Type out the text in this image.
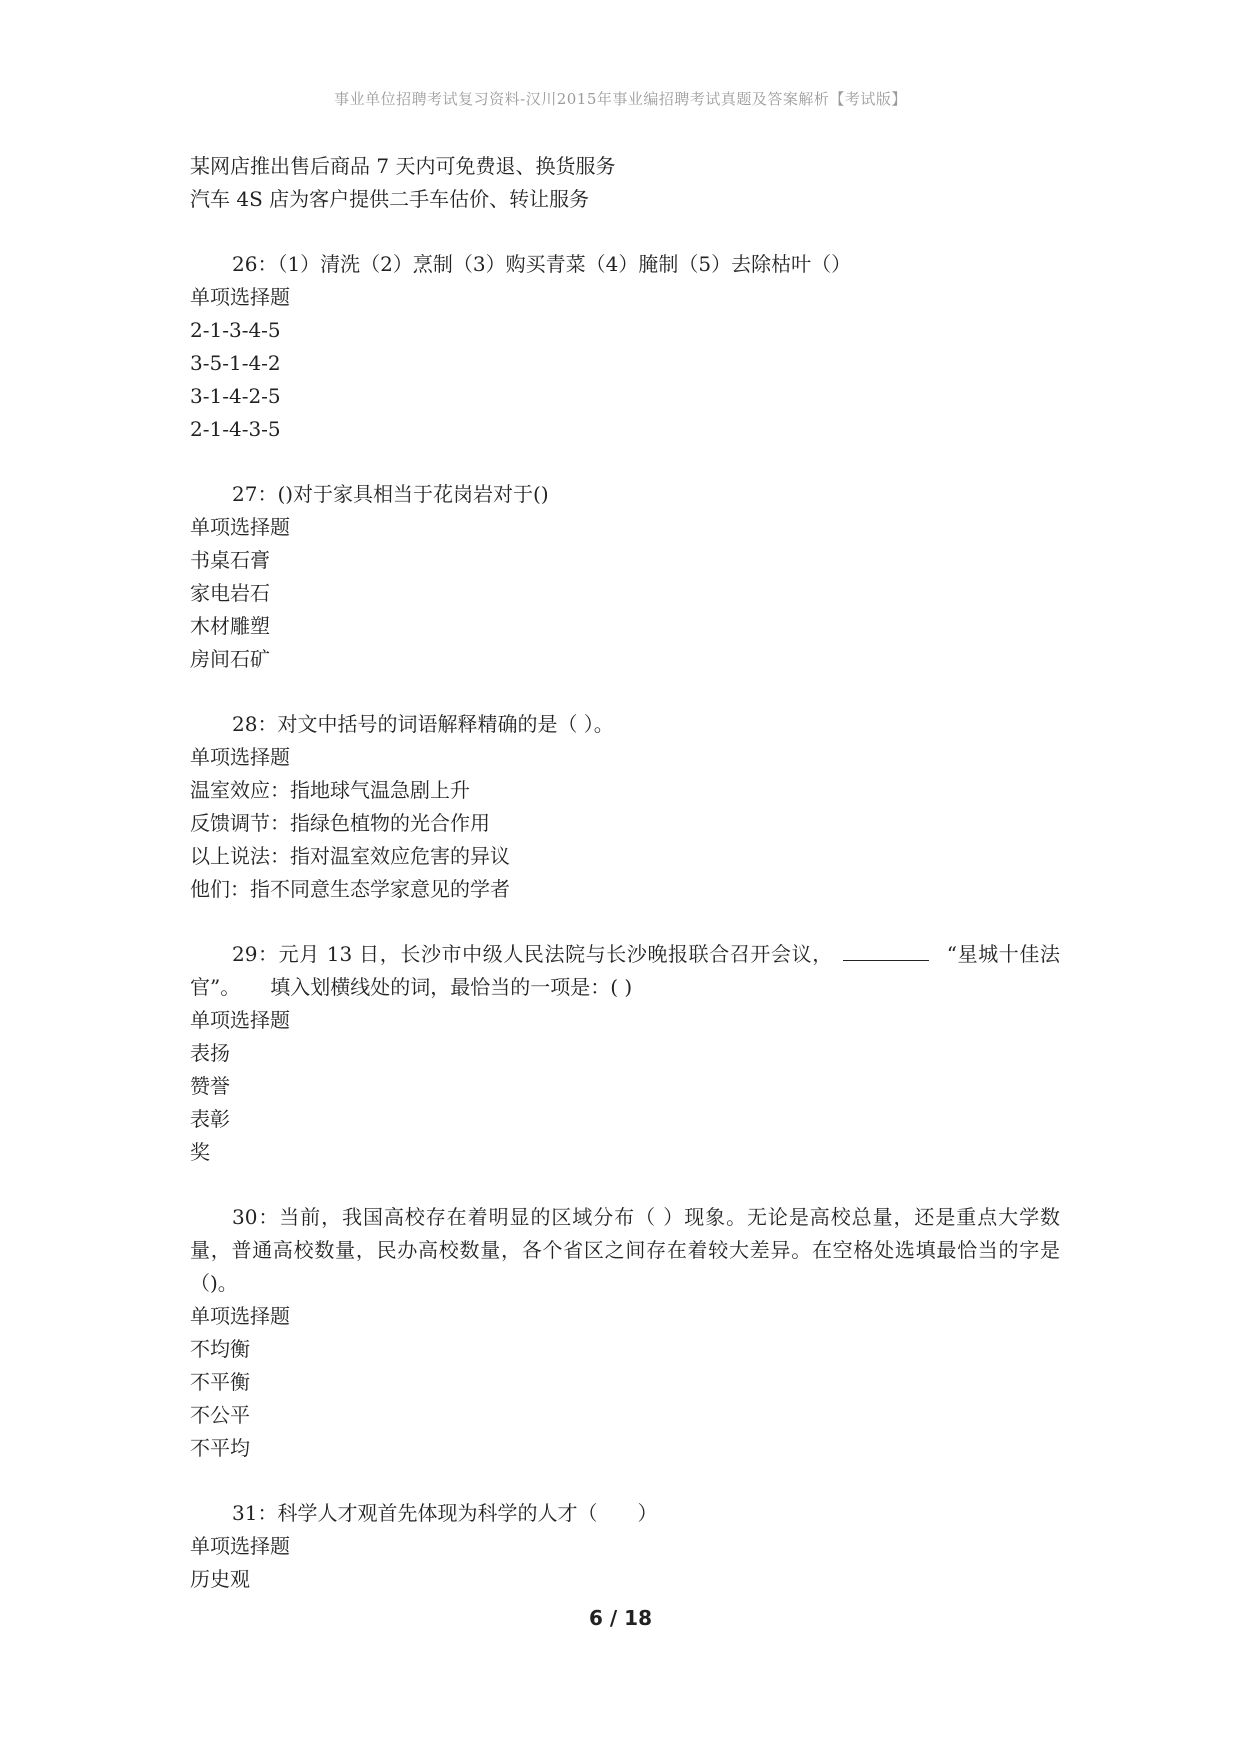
事业单位招聘考试复习资料-汉川2015年事业编招聘考试真题及答案解析【考试版】
某网店推出售后商品 7 天内可免费退、换货服务
汽车 4S 店为客户提供二手车估价、转让服务
26：（1）清洗（2）烹制（3）购买青菜（4）腌制（5）去除枯叶（）
单项选择题
2-1-3-4-5
3-5-1-4-2
3-1-4-2-5
2-1-4-3-5
27：()对于家具相当于花岗岩对于()
单项选择题
书桌石膏
家电岩石
木材雕塑
房间石矿
28：对文中括号的词语解释精确的是（ ）。
单项选择题
温室效应：指地球气温急剧上升
反馈调节：指绿色植物的光合作用
以上说法：指对温室效应危害的异议
他们：指不同意生态学家意见的学者
29：元月 13 日，长沙市中级人民法院与长沙晚报联合召开会议，	“星城十佳法官”。　　填入划横线处的词，最恰当的一项是：( )
单项选择题
表扬
赞誉
表彰
奖
30：当前，我国高校存在着明显的区域分布（ ）现象。无论是高校总量，还是重点大学数量，普通高校数量，民办高校数量，各个省区之间存在着较大差异。在空格处选填最恰当的字是（)。
单项选择题
不均衡
不平衡
不公平
不平均
31：科学人才观首先体现为科学的人才（　　）
单项选择题
历史观
6 / 18
